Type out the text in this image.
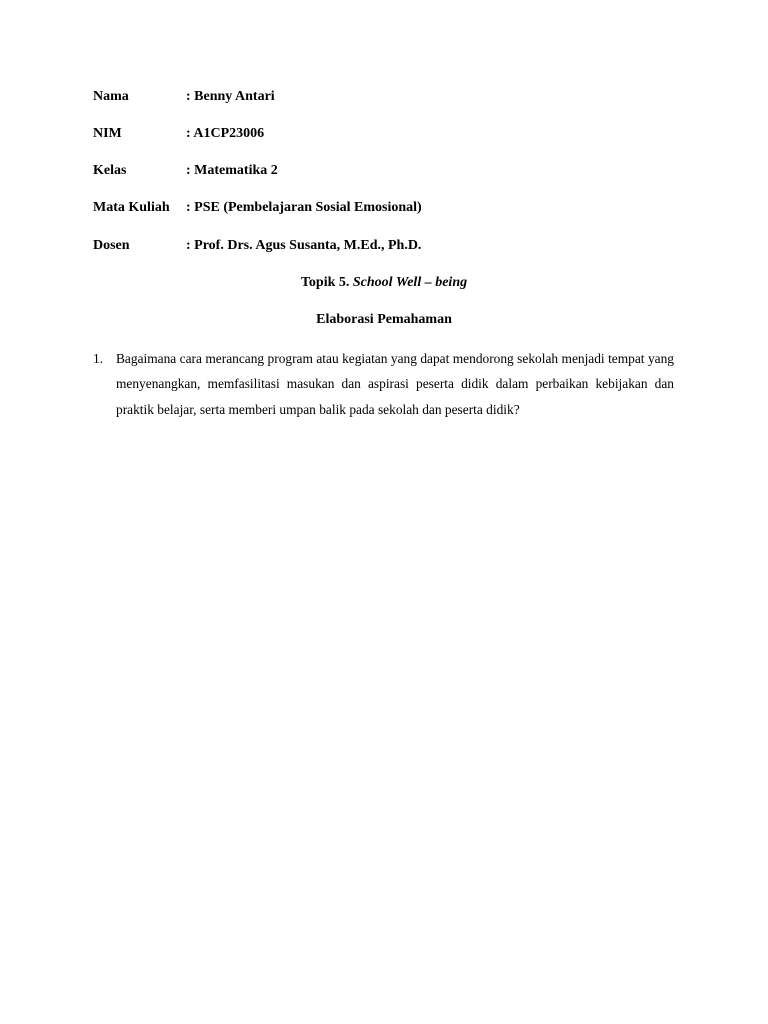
Nama	: Benny Antari
NIM	: A1CP23006
Kelas	: Matematika 2
Mata Kuliah : PSE (Pembelajaran Sosial Emosional)
Dosen	: Prof. Drs. Agus Susanta, M.Ed., Ph.D.
Topik 5. School Well – being
Elaborasi Pemahaman
1. Bagaimana cara merancang program atau kegiatan yang dapat mendorong sekolah menjadi tempat yang menyenangkan, memfasilitasi masukan dan aspirasi peserta didik dalam perbaikan kebijakan dan praktik belajar, serta memberi umpan balik pada sekolah dan peserta didik?
